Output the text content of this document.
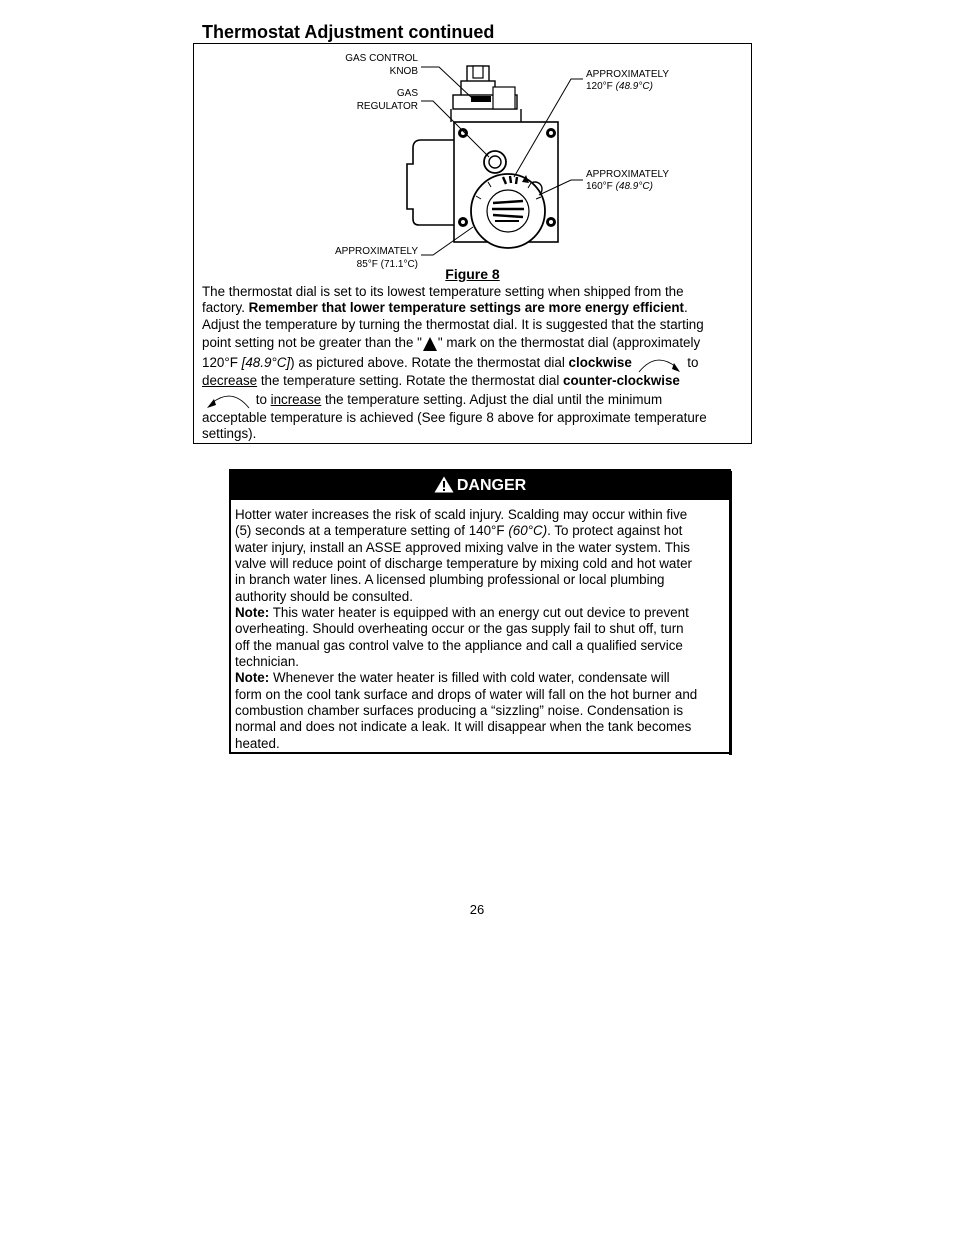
Thermostat Adjustment continued
GAS CONTROL
KNOB
GAS
REGULATOR
APPROXIMATELY
120°F (48.9°C)
APPROXIMATELY
160°F (48.9°C)
APPROXIMATELY
85°F (71.1°C)
Figure 8
The thermostat dial is set to its lowest temperature setting when shipped from the
factory. Remember that lower temperature settings are more energy efficient.
Adjust the temperature by turning the thermostat dial. It is suggested that the starting
point setting not be greater than the " " mark on the thermostat dial (approximately
120°F [48.9°C]) as pictured above. Rotate the thermostat dial clockwise	to
decrease the temperature setting. Rotate the thermostat dial counter-clockwise
to increase the temperature setting. Adjust the dial until the minimum
acceptable temperature is achieved (See figure 8 above for approximate temperature
settings).
DANGER
Hotter water increases the risk of scald injury. Scalding may occur within five
(5) seconds at a temperature setting of 140°F (60°C). To protect against hot
water injury, install an ASSE approved mixing valve in the water system. This
valve will reduce point of discharge temperature by mixing cold and hot water
in branch water lines. A licensed plumbing professional or local plumbing
authority should be consulted.
Note: This water heater is equipped with an energy cut out device to prevent
overheating. Should overheating occur or the gas supply fail to shut off, turn
off the manual gas control valve to the appliance and call a qualified service
technician.
Note: Whenever the water heater is filled with cold water, condensate will
form on the cool tank surface and drops of water will fall on the hot burner and
combustion chamber surfaces producing a “sizzling” noise. Condensation is
normal and does not indicate a leak. It will disappear when the tank becomes
heated.
26
